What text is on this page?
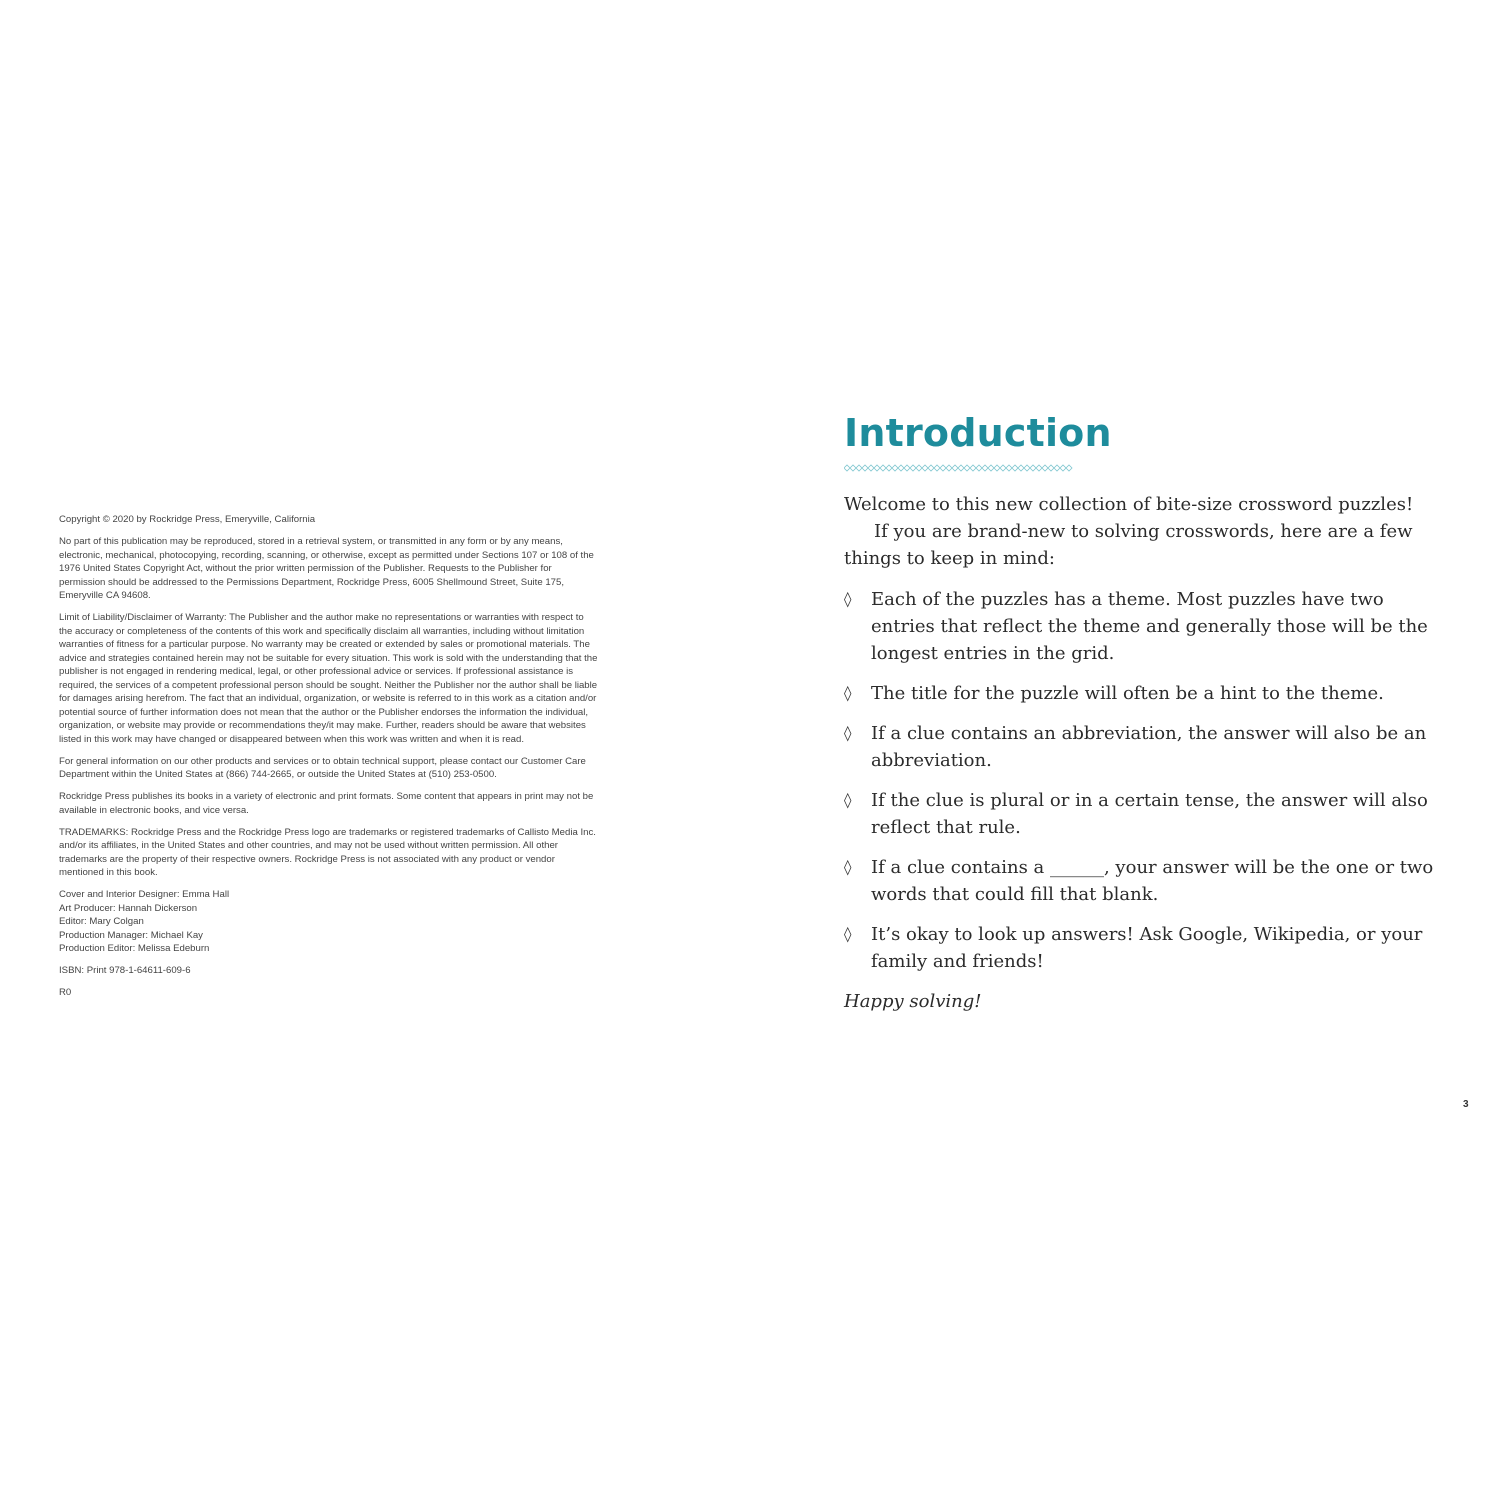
Copyright © 2020 by Rockridge Press, Emeryville, California

No part of this publication may be reproduced, stored in a retrieval system, or transmitted in any form or by any means, electronic, mechanical, photocopying, recording, scanning, or otherwise, except as permitted under Sections 107 or 108 of the 1976 United States Copyright Act, without the prior written permission of the Publisher. Requests to the Publisher for permission should be addressed to the Permissions Department, Rockridge Press, 6005 Shellmound Street, Suite 175, Emeryville CA 94608.

Limit of Liability/Disclaimer of Warranty: The Publisher and the author make no representations or warranties with respect to the accuracy or completeness of the contents of this work and specifically disclaim all warranties, including without limitation warranties of fitness for a particular purpose. No warranty may be created or extended by sales or promotional materials. The advice and strategies contained herein may not be suitable for every situation. This work is sold with the understanding that the publisher is not engaged in rendering medical, legal, or other professional advice or services. If professional assistance is required, the services of a competent professional person should be sought. Neither the Publisher nor the author shall be liable for damages arising herefrom. The fact that an individual, organization, or website is referred to in this work as a citation and/or potential source of further information does not mean that the author or the Publisher endorses the information the individual, organization, or website may provide or recommendations they/it may make. Further, readers should be aware that websites listed in this work may have changed or disappeared between when this work was written and when it is read.

For general information on our other products and services or to obtain technical support, please contact our Customer Care Department within the United States at (866) 744-2665, or outside the United States at (510) 253-0500.

Rockridge Press publishes its books in a variety of electronic and print formats. Some content that appears in print may not be available in electronic books, and vice versa.

TRADEMARKS: Rockridge Press and the Rockridge Press logo are trademarks or registered trademarks of Callisto Media Inc. and/or its affiliates, in the United States and other countries, and may not be used without written permission. All other trademarks are the property of their respective owners. Rockridge Press is not associated with any product or vendor mentioned in this book.

Cover and Interior Designer: Emma Hall
Art Producer: Hannah Dickerson
Editor: Mary Colgan
Production Manager: Michael Kay
Production Editor: Melissa Edeburn

ISBN: Print 978-1-64611-609-6

R0

Introduction

Welcome to this new collection of bite-size crossword puzzles!
If you are brand-new to solving crosswords, here are a few things to keep in mind:

◊ Each of the puzzles has a theme. Most puzzles have two entries that reflect the theme and generally those will be the longest entries in the grid.
◊ The title for the puzzle will often be a hint to the theme.
◊ If a clue contains an abbreviation, the answer will also be an abbreviation.
◊ If the clue is plural or in a certain tense, the answer will also reflect that rule.
◊ If a clue contains a ______, your answer will be the one or two words that could fill that blank.
◊ It’s okay to look up answers! Ask Google, Wikipedia, or your family and friends!

Happy solving!

3
